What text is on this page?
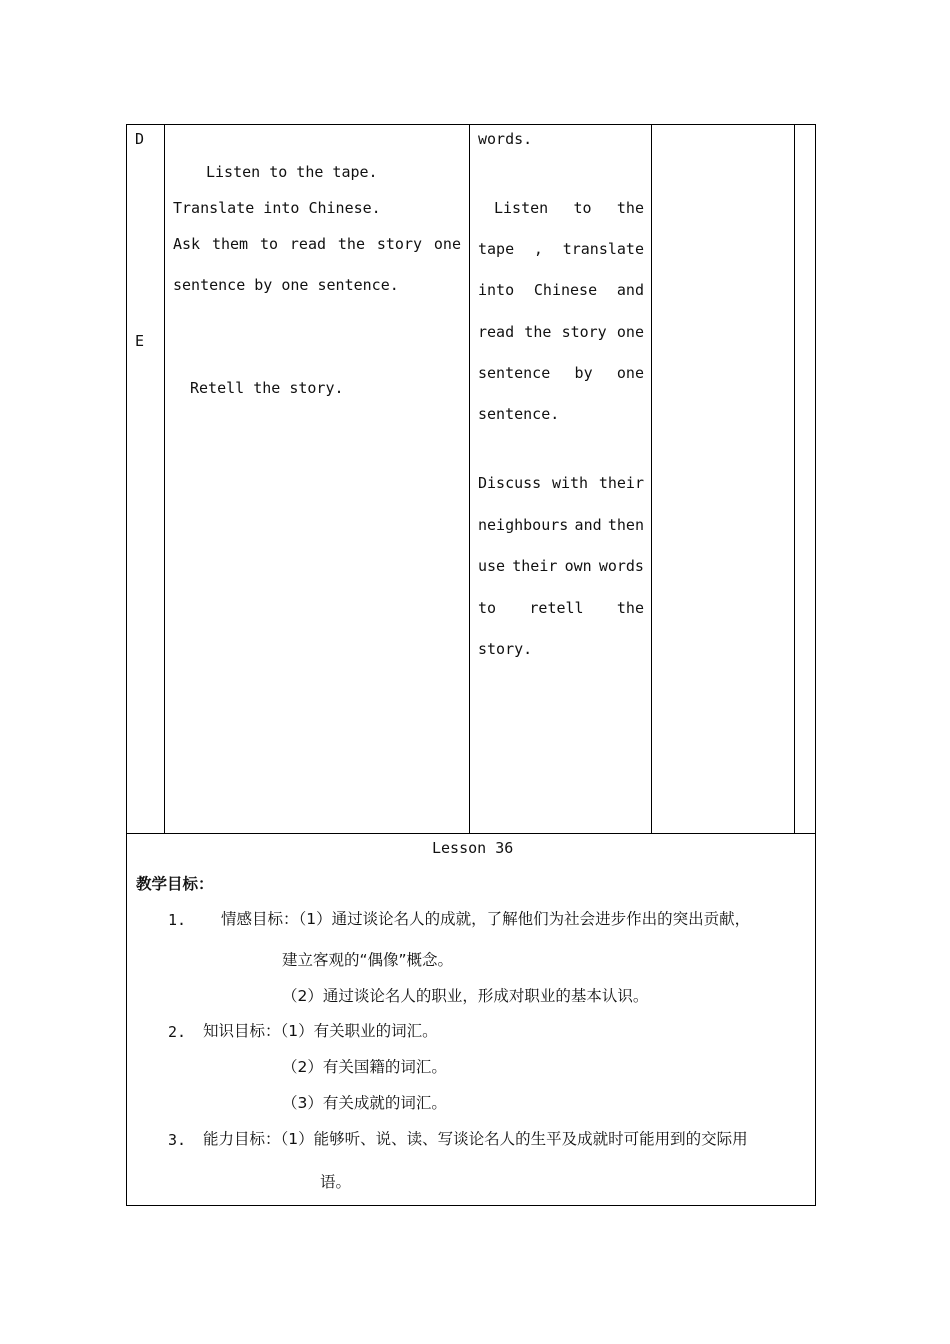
D
E
Listen to the tape.
Translate into Chinese.
Ask them to read the story one
sentence by one sentence.
Retell the story.
words.
Listen to the
tape , translate
into Chinese and
read the story one
sentence by one
sentence.
Discuss with their
neighbours and then
use their own words
to retell the
story.
Lesson 36
教学目标：
1. 情感目标：（1）通过谈论名人的成就，了解他们为社会进步作出的突出贡献，
建立客观的“偶像”概念。
（2）通过谈论名人的职业，形成对职业的基本认识。
2. 知识目标：（1）有关职业的词汇。
（2）有关国籍的词汇。
（3）有关成就的词汇。
3. 能力目标：（1）能够听、说、读、写谈论名人的生平及成就时可能用到的交际用
语。
